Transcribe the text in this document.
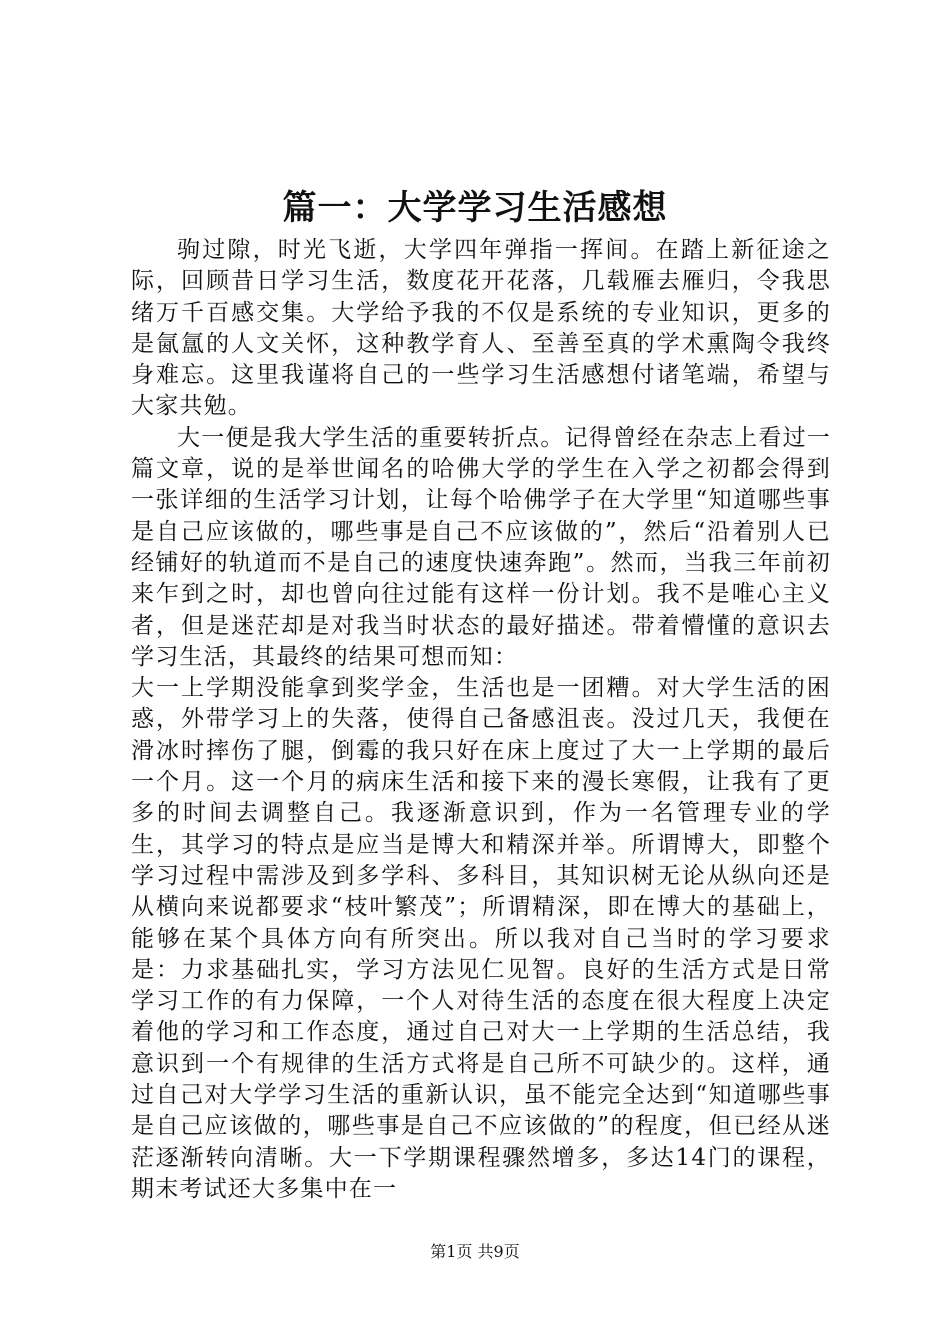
篇一：大学学习生活感想

驹过隙，时光飞逝，大学四年弹指一挥间。在踏上新征途之际，回顾昔日学习生活，数度花开花落，几载雁去雁归，令我思绪万千百感交集。大学给予我的不仅是系统的专业知识，更多的是氤氲的人文关怀，这种教学育人、至善至真的学术熏陶令我终身难忘。这里我谨将自己的一些学习生活感想付诸笔端，希望与大家共勉。

大一便是我大学生活的重要转折点。记得曾经在杂志上看过一篇文章，说的是举世闻名的哈佛大学的学生在入学之初都会得到一张详细的生活学习计划，让每个哈佛学子在大学里“知道哪些事是自己应该做的，哪些事是自己不应该做的”，然后“沿着别人已经铺好的轨道而不是自己的速度快速奔跑”。然而，当我三年前初来乍到之时，却也曾向往过能有这样一份计划。我不是唯心主义者，但是迷茫却是对我当时状态的最好描述。带着懵懂的意识去学习生活，其最终的结果可想而知：

大一上学期没能拿到奖学金，生活也是一团糟。对大学生活的困惑，外带学习上的失落，使得自己备感沮丧。没过几天，我便在滑冰时摔伤了腿，倒霉的我只好在床上度过了大一上学期的最后一个月。这一个月的病床生活和接下来的漫长寒假，让我有了更多的时间去调整自己。我逐渐意识到，作为一名管理专业的学生，其学习的特点是应当是博大和精深并举。所谓博大，即整个学习过程中需涉及到多学科、多科目，其知识树无论从纵向还是从横向来说都要求“枝叶繁茂”；所谓精深，即在博大的基础上，能够在某个具体方向有所突出。所以我对自己当时的学习要求是：力求基础扎实，学习方法见仁见智。良好的生活方式是日常学习工作的有力保障，一个人对待生活的态度在很大程度上决定着他的学习和工作态度，通过自己对大一上学期的生活总结，我意识到一个有规律的生活方式将是自己所不可缺少的。这样，通过自己对大学学习生活的重新认识，虽不能完全达到“知道哪些事是自己应该做的，哪些事是自己不应该做的”的程度，但已经从迷茫逐渐转向清晰。大一下学期课程骤然增多，多达14门的课程，期末考试还大多集中在一

第1页 共9页
